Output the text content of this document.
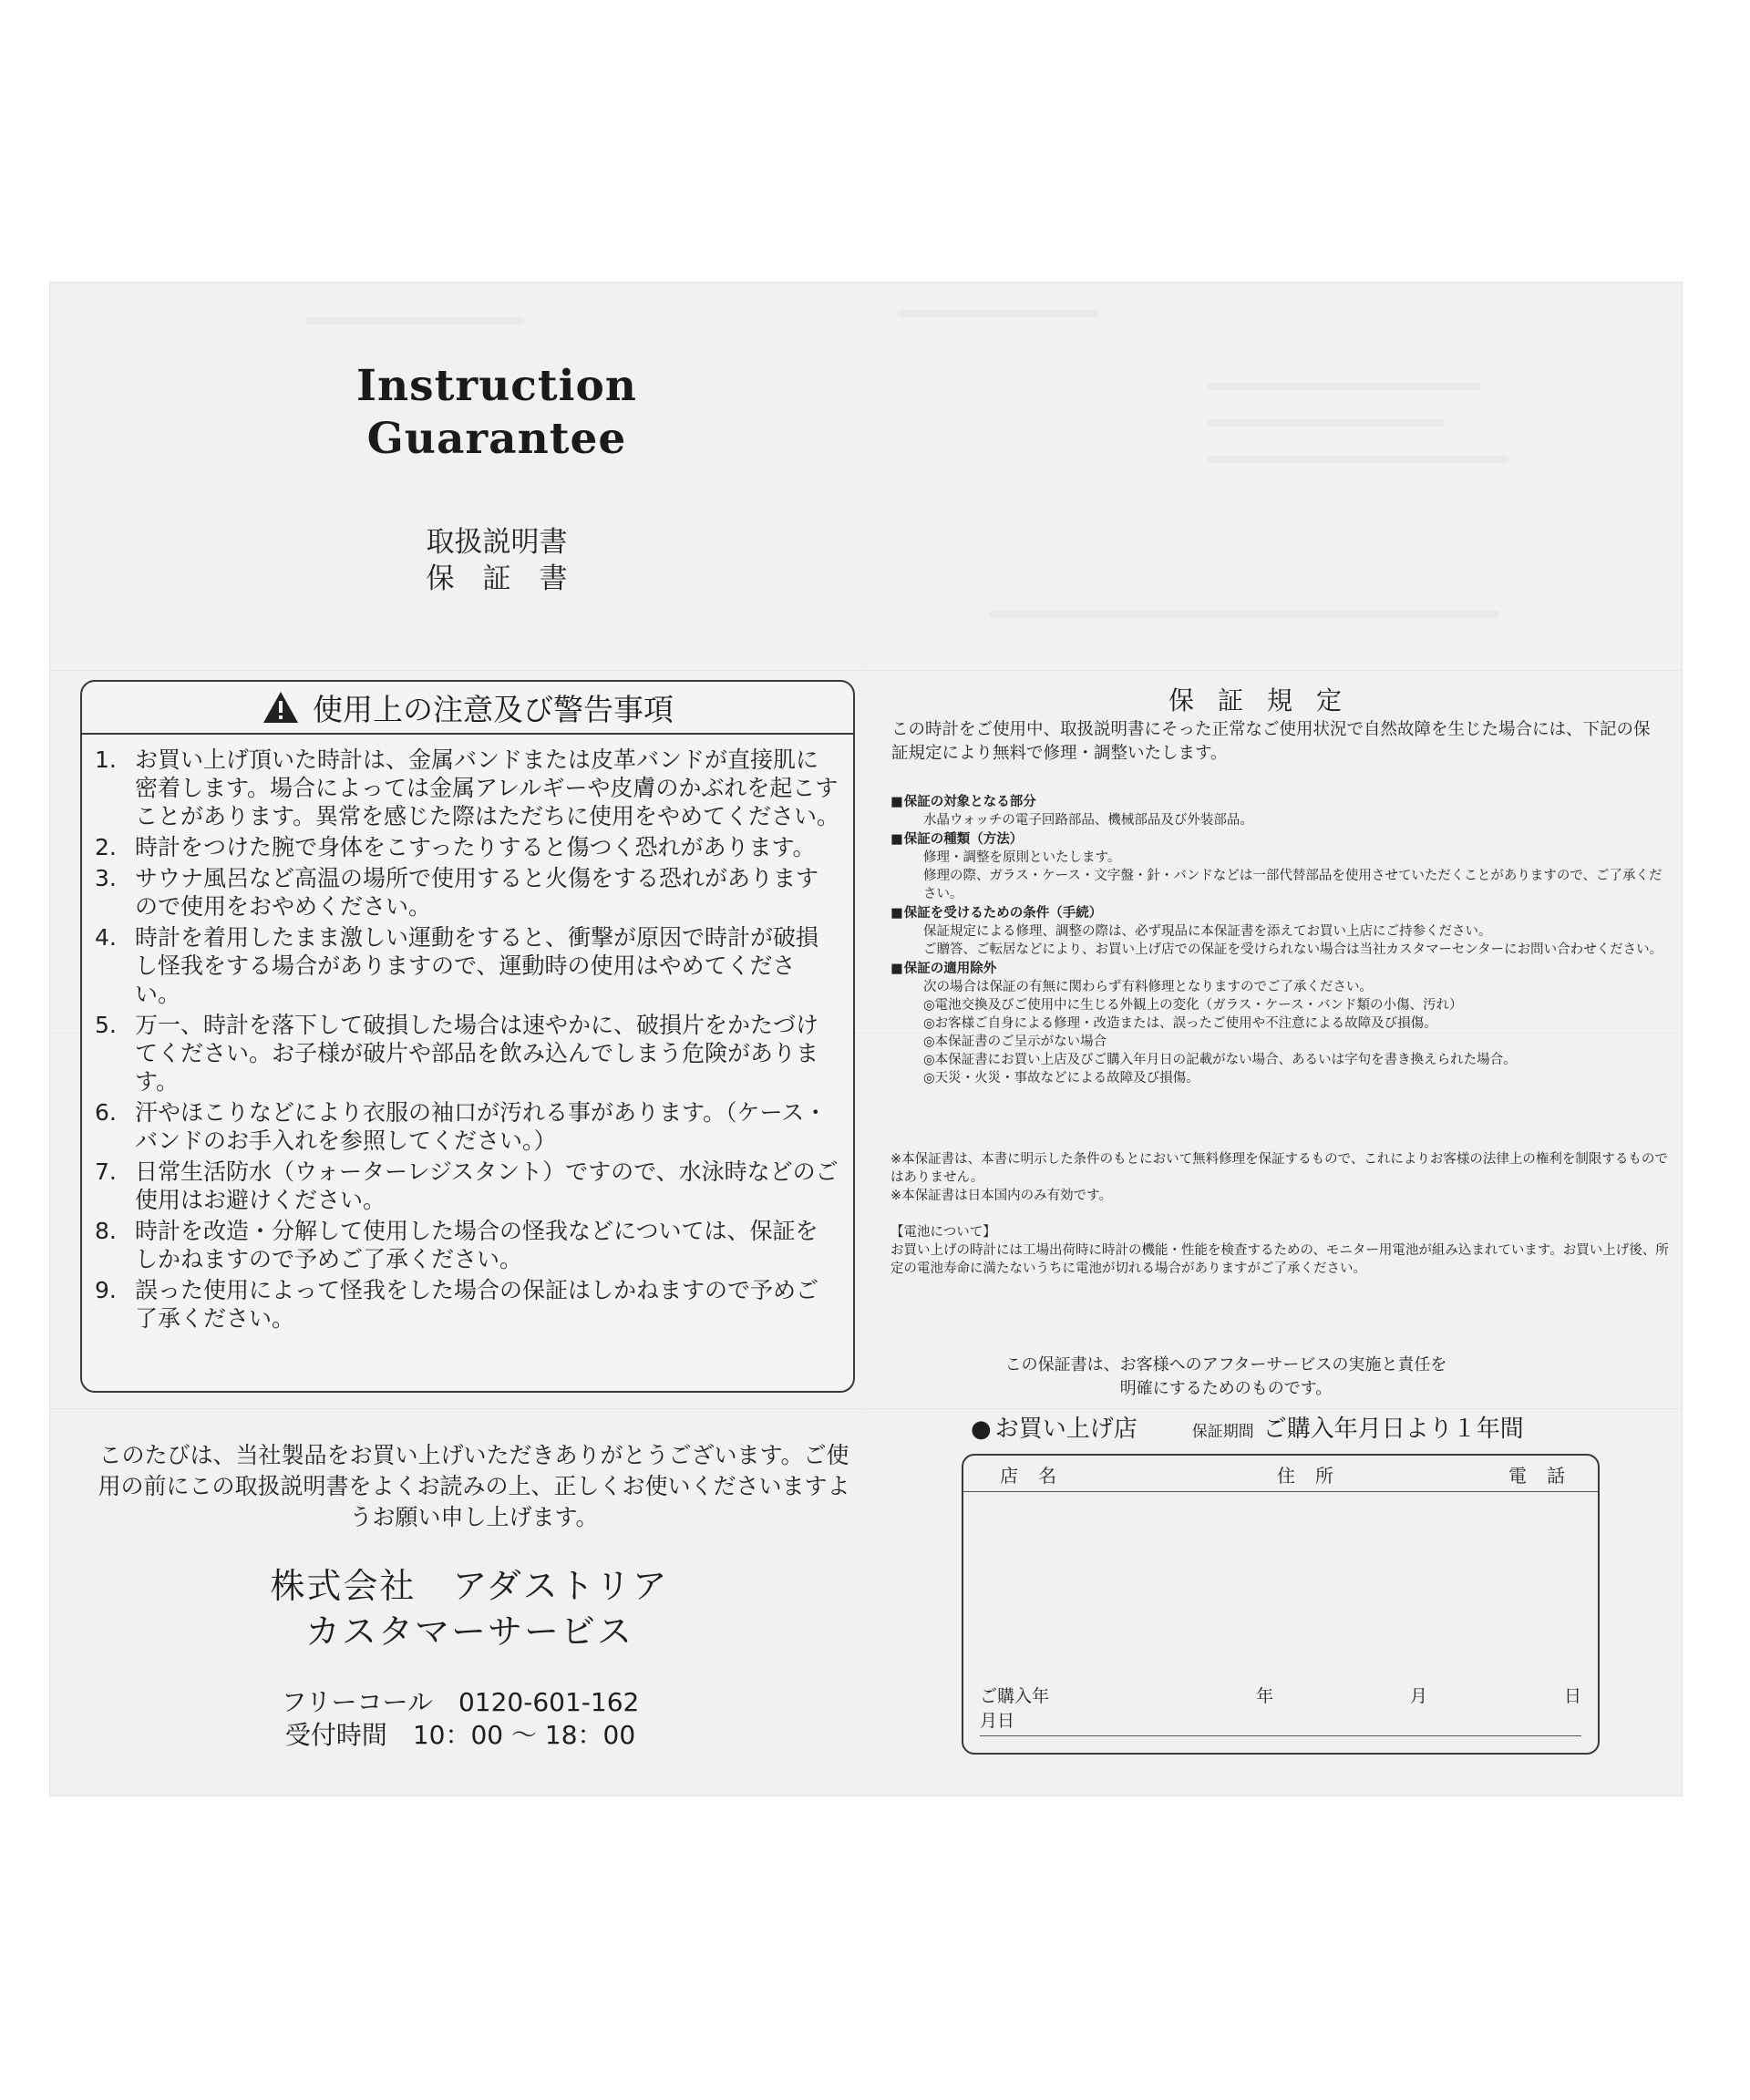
Instruction
Guarantee
取扱説明書
保　証　書
使用上の注意及び警告事項
1. お買い上げ頂いた時計は、金属バンドまたは皮革バンドが直接肌に密着します。場合によっては金属アレルギーや皮膚のかぶれを起こすことがあります。異常を感じた際はただちに使用をやめてください。
2. 時計をつけた腕で身体をこすったりすると傷つく恐れがあります。
3. サウナ風呂など高温の場所で使用すると火傷をする恐れがありますので使用をおやめください。
4. 時計を着用したまま激しい運動をすると、衝撃が原因で時計が破損し怪我をする場合がありますので、運動時の使用はやめてください。
5. 万一、時計を落下して破損した場合は速やかに、破損片をかたづけてください。お子様が破片や部品を飲み込んでしまう危険があります。
6. 汗やほこりなどにより衣服の袖口が汚れる事があります。（ケース・バンドのお手入れを参照してください。）
7. 日常生活防水（ウォーターレジスタント）ですので、水泳時などのご使用はお避けください。
8. 時計を改造・分解して使用した場合の怪我などについては、保証をしかねますので予めご了承ください。
9. 誤った使用によって怪我をした場合の保証はしかねますので予めご了承ください。
このたびは、当社製品をお買い上げいただきありがとうございます。ご使用の前にこの取扱説明書をよくお読みの上、正しくお使いくださいますようお願い申し上げます。
株式会社　アダストリア
カスタマーサービス
フリーコール　0120-601-162
受付時間　10：00 〜 18：00
保証規定
この時計をご使用中、取扱説明書にそった正常なご使用状況で自然故障を生じた場合には、下記の保証規定により無料で修理・調整いたします。
■ 保証の対象となる部分
水晶ウォッチの電子回路部品、機械部品及び外装部品。
■ 保証の種類（方法）
修理・調整を原則といたします。
修理の際、ガラス・ケース・文字盤・針・バンドなどは一部代替部品を使用させていただくことがありますので、ご了承ください。
■ 保証を受けるための条件（手続）
保証規定による修理、調整の際は、必ず現品に本保証書を添えてお買い上店にご持参ください。
ご贈答、ご転居などにより、お買い上げ店での保証を受けられない場合は当社カスタマーセンターにお問い合わせください。
■ 保証の適用除外
次の場合は保証の有無に関わらず有料修理となりますのでご了承ください。
◎電池交換及びご使用中に生じる外観上の変化（ガラス・ケース・バンド類の小傷、汚れ）
◎お客様ご自身による修理・改造または、誤ったご使用や不注意による故障及び損傷。
◎本保証書のご呈示がない場合
◎本保証書にお買い上店及びご購入年月日の記載がない場合、あるいは字句を書き換えられた場合。
◎天災・火災・事故などによる故障及び損傷。
※本保証書は、本書に明示した条件のもとにおいて無料修理を保証するもので、これによりお客様の法律上の権利を制限するものではありません。
※本保証書は日本国内のみ有効です。
【電池について】
お買い上げの時計には工場出荷時に時計の機能・性能を検査するための、モニター用電池が組み込まれています。お買い上げ後、所定の電池寿命に満たないうちに電池が切れる場合がありますがご了承ください。
この保証書は、お客様へのアフターサービスの実施と責任を
明確にするためのものです。
● お買い上げ店	保証期間 ご購入年月日より１年間
店名	住所	電話
ご購入年月日
年	月	日
